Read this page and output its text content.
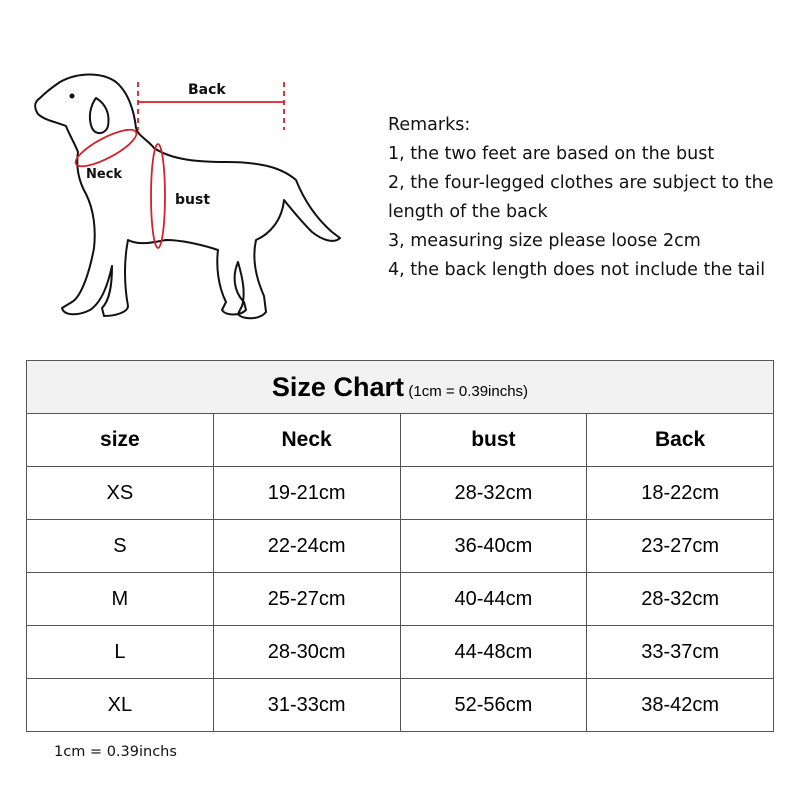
Back
Neck
bust
Remarks:
1, the two feet are based on the bust
2, the four-legged clothes are subject to the
length of the back
3, measuring size please loose 2cm
4, the back length does not include the tail
Size Chart (1cm = 0.39inchs)			
size	Neck	bust	Back
XS	19-21cm	28-32cm	18-22cm
S	22-24cm	36-40cm	23-27cm
M	25-27cm	40-44cm	28-32cm
L	28-30cm	44-48cm	33-37cm
XL	31-33cm	52-56cm	38-42cm
1cm = 0.39inchs
